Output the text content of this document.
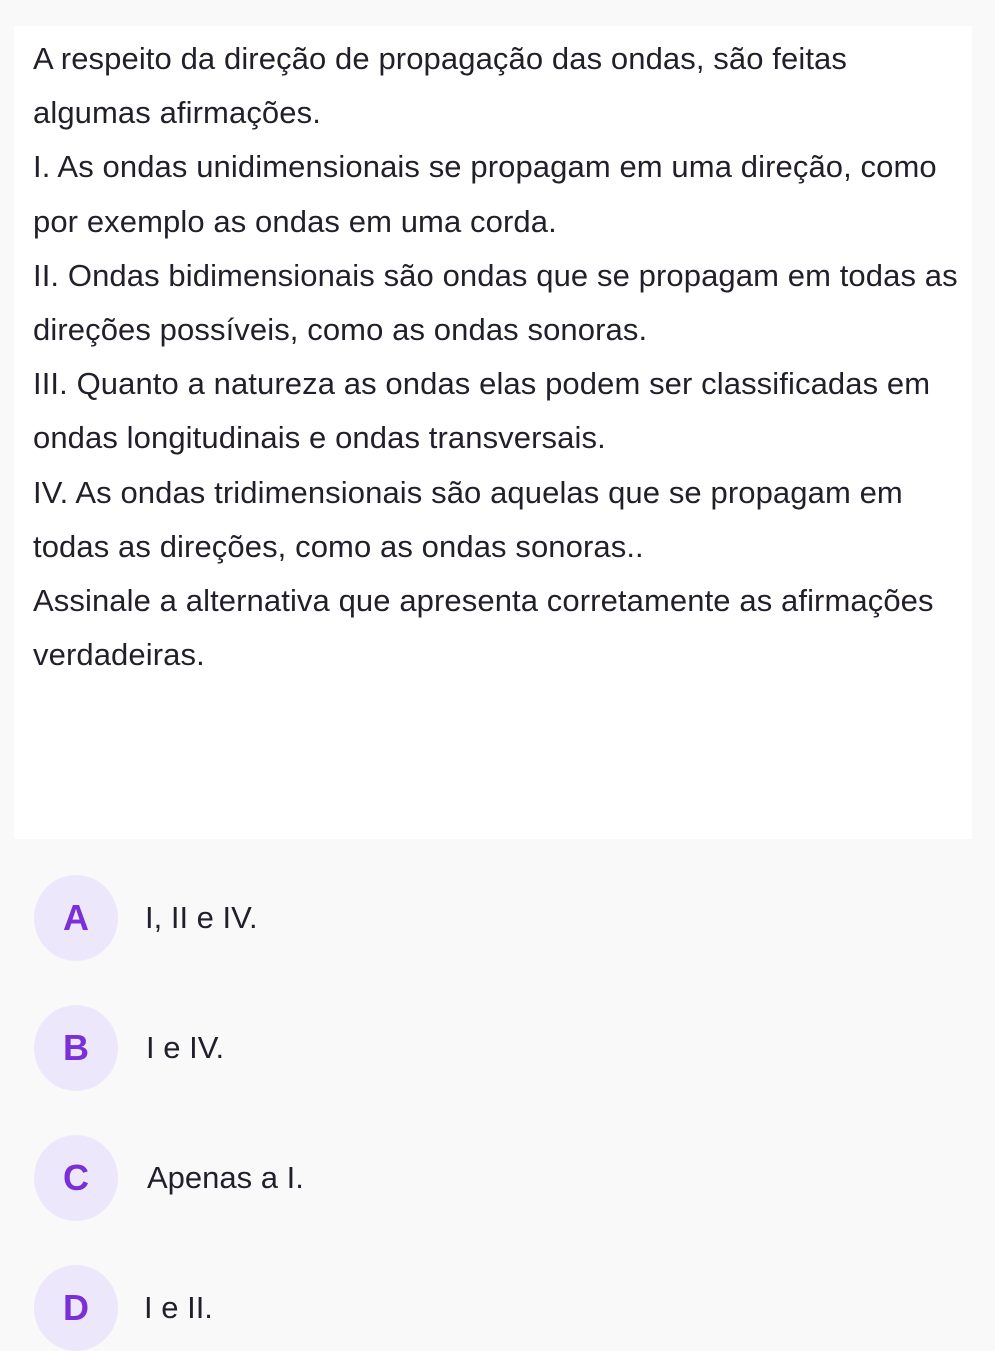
A respeito da direção de propagação das ondas, são feitas algumas afirmações.

I. As ondas unidimensionais se propagam em uma direção, como por exemplo as ondas em uma corda.

II. Ondas bidimensionais são ondas que se propagam em todas as direções possíveis, como as ondas sonoras.

III. Quanto a natureza as ondas elas podem ser classificadas em ondas longitudinais e ondas transversais.

IV. As ondas tridimensionais são aquelas que se propagam em todas as direções, como as ondas sonoras..

Assinale a alternativa que apresenta corretamente as afirmações verdadeiras.

A	I, II e IV.
B	I e IV.
C	Apenas a I.
D	I e II.
